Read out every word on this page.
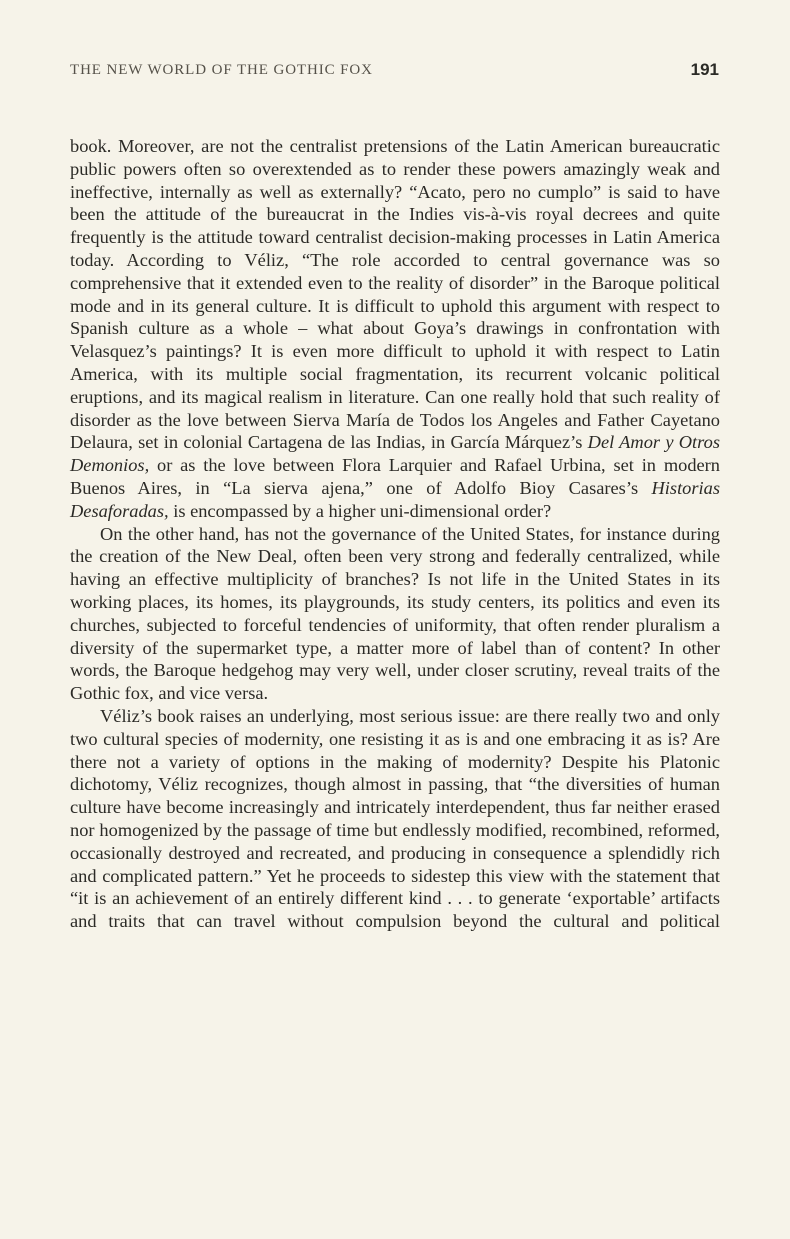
THE NEW WORLD OF THE GOTHIC FOX	191

book. Moreover, are not the centralist pretensions of the Latin American bureaucratic public powers often so overextended as to render these powers amazingly weak and ineffective, internally as well as externally? “Acato, pero no cumplo” is said to have been the attitude of the bureaucrat in the Indies vis-à-vis royal decrees and quite frequently is the attitude toward centralist decision-making processes in Latin America today. According to Véliz, “The role accorded to central governance was so comprehensive that it extended even to the reality of disorder” in the Baroque political mode and in its general culture. It is difficult to uphold this argument with respect to Spanish culture as a whole – what about Goya’s drawings in confrontation with Velasquez’s paintings? It is even more difficult to uphold it with respect to Latin America, with its multiple social fragmentation, its recurrent volcanic political eruptions, and its magical realism in literature. Can one really hold that such reality of disorder as the love between Sierva María de Todos los Angeles and Father Cayetano Delaura, set in colonial Cartagena de las Indias, in García Márquez’s Del Amor y Otros Demonios, or as the love between Flora Larquier and Rafael Urbina, set in modern Buenos Aires, in “La sierva ajena,” one of Adolfo Bioy Casares’s Historias Desaforadas, is encompassed by a higher uni-dimensional order?

On the other hand, has not the governance of the United States, for instance during the creation of the New Deal, often been very strong and federally centralized, while having an effective multiplicity of branches? Is not life in the United States in its working places, its homes, its playgrounds, its study centers, its politics and even its churches, subjected to forceful tendencies of uniformity, that often render pluralism a diversity of the supermarket type, a matter more of label than of content? In other words, the Baroque hedgehog may very well, under closer scrutiny, reveal traits of the Gothic fox, and vice versa.

Véliz’s book raises an underlying, most serious issue: are there really two and only two cultural species of modernity, one resisting it as is and one embracing it as is? Are there not a variety of options in the making of modernity? Despite his Platonic dichotomy, Véliz recognizes, though almost in passing, that “the diversities of human culture have become increasingly and intricately interdependent, thus far neither erased nor homogenized by the passage of time but endlessly modified, recombined, reformed, occasionally destroyed and recreated, and producing in consequence a splendidly rich and complicated pattern.” Yet he proceeds to sidestep this view with the statement that “it is an achievement of an entirely different kind . . . to generate ‘exportable’ artifacts and traits that can travel without compulsion beyond the cultural and political
